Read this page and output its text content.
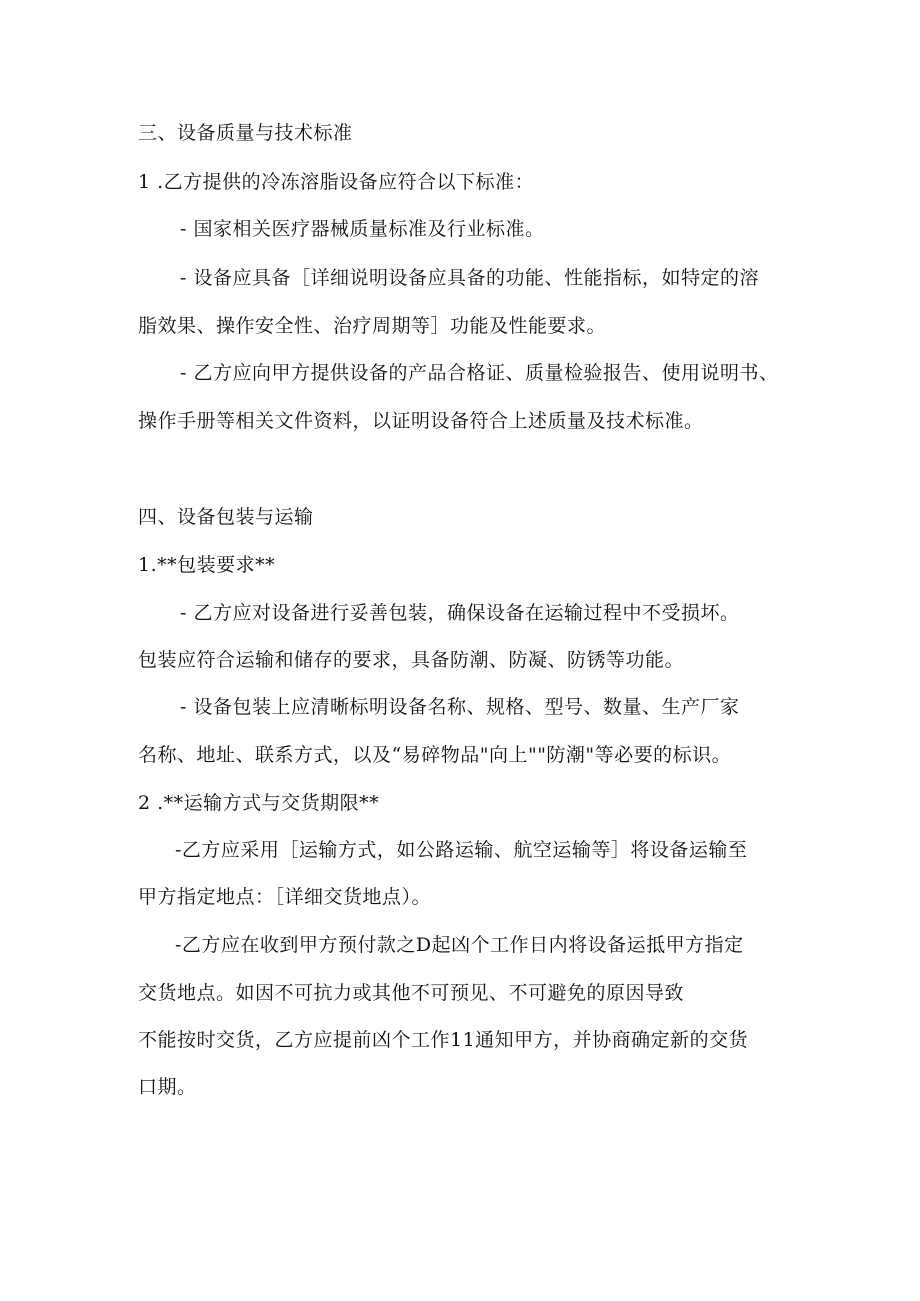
三、设备质量与技术标准
1 .乙方提供的冷冻溶脂设备应符合以下标准：
- 国家相关医疗器械质量标准及行业标准。
- 设备应具备［详细说明设备应具备的功能、性能指标，如特定的溶
脂效果、操作安全性、治疗周期等］功能及性能要求。
- 乙方应向甲方提供设备的产品合格证、质量检验报告、使用说明书、
操作手册等相关文件资料，以证明设备符合上述质量及技术标准。
四、设备包装与运输
1.**包装要求**
- 乙方应对设备进行妥善包装，确保设备在运输过程中不受损坏。
包装应符合运输和储存的要求，具备防潮、防凝、防锈等功能。
- 设备包装上应清晰标明设备名称、规格、型号、数量、生产厂家
名称、地址、联系方式，以及“易碎物品"向上""防潮"等必要的标识。
2 .**运输方式与交货期限**
-乙方应采用［运输方式，如公路运输、航空运输等］将设备运输至
甲方指定地点：［详细交货地点）。
-乙方应在收到甲方预付款之D起凶个工作日内将设备运抵甲方指定
交货地点。如因不可抗力或其他不可预见、不可避免的原因导致
不能按时交货，乙方应提前凶个工作11通知甲方，并协商确定新的交货
口期。
